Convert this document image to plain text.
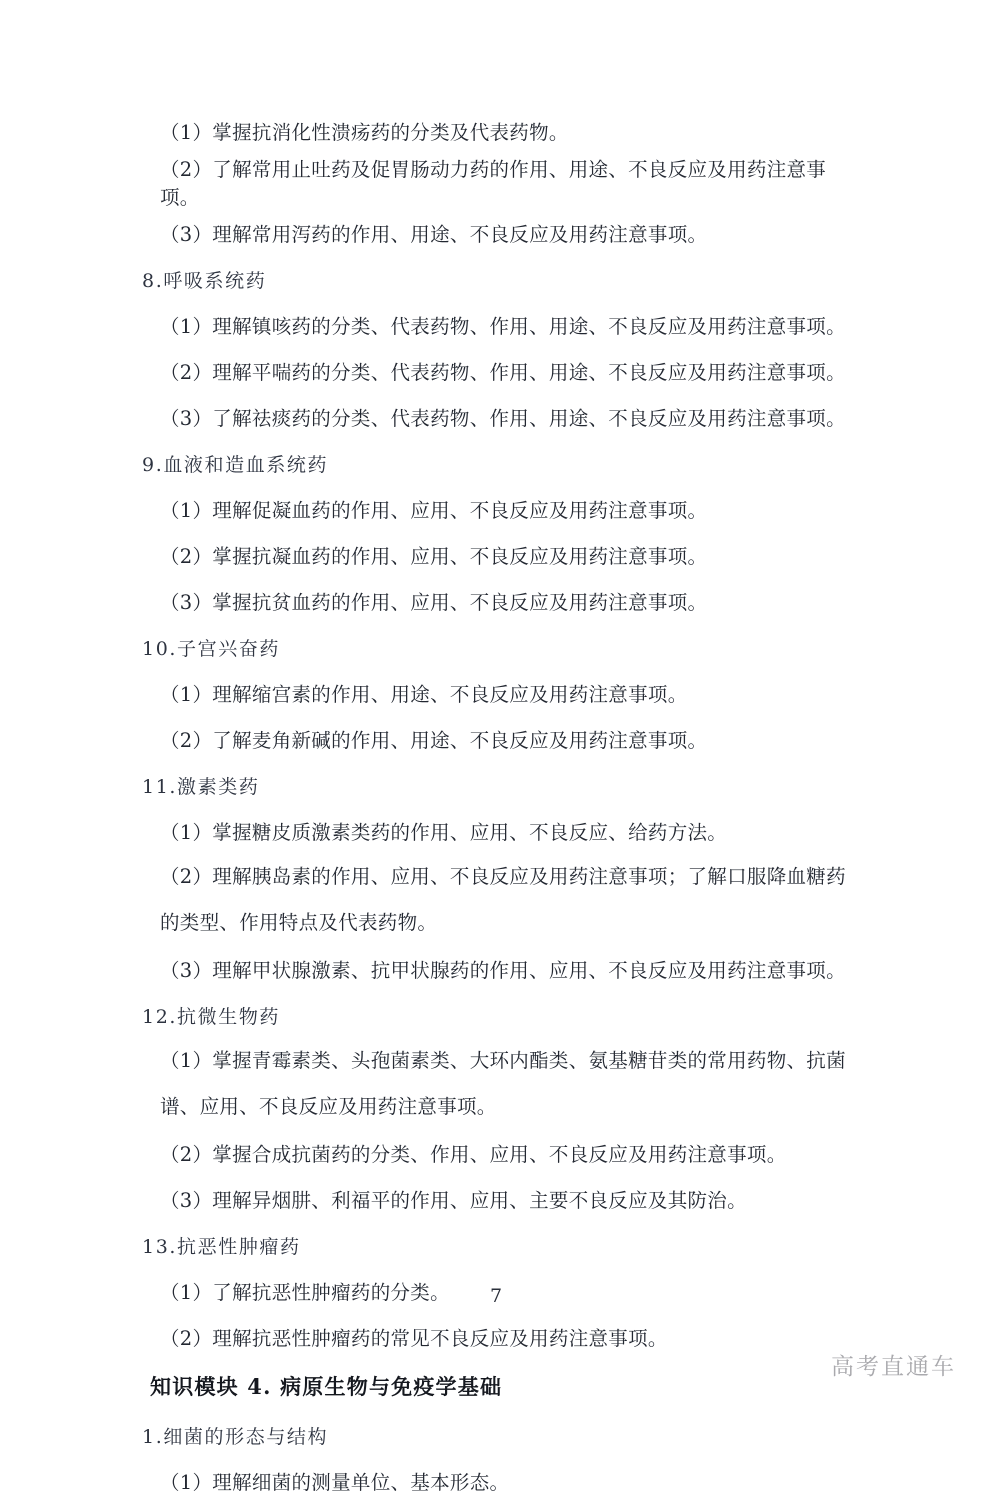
（1）掌握抗消化性溃疡药的分类及代表药物。
（2）了解常用止吐药及促胃肠动力药的作用、用途、不良反应及用药注意事项。
（3）理解常用泻药的作用、用途、不良反应及用药注意事项。
8.呼吸系统药
（1）理解镇咳药的分类、代表药物、作用、用途、不良反应及用药注意事项。
（2）理解平喘药的分类、代表药物、作用、用途、不良反应及用药注意事项。
（3）了解祛痰药的分类、代表药物、作用、用途、不良反应及用药注意事项。
9.血液和造血系统药
（1）理解促凝血药的作用、应用、不良反应及用药注意事项。
（2）掌握抗凝血药的作用、应用、不良反应及用药注意事项。
（3）掌握抗贫血药的作用、应用、不良反应及用药注意事项。
10.子宫兴奋药
（1）理解缩宫素的作用、用途、不良反应及用药注意事项。
（2）了解麦角新碱的作用、用途、不良反应及用药注意事项。
11.激素类药
（1）掌握糖皮质激素类药的作用、应用、不良反应、给药方法。
（2）理解胰岛素的作用、应用、不良反应及用药注意事项；了解口服降血糖药的类型、作用特点及代表药物。
（3）理解甲状腺激素、抗甲状腺药的作用、应用、不良反应及用药注意事项。
12.抗微生物药
（1）掌握青霉素类、头孢菌素类、大环内酯类、氨基糖苷类的常用药物、抗菌谱、应用、不良反应及用药注意事项。
（2）掌握合成抗菌药的分类、作用、应用、不良反应及用药注意事项。
（3）理解异烟肼、利福平的作用、应用、主要不良反应及其防治。
13.抗恶性肿瘤药
（1）了解抗恶性肿瘤药的分类。
（2）理解抗恶性肿瘤药的常见不良反应及用药注意事项。
知识模块 4. 病原生物与免疫学基础
1.细菌的形态与结构
（1）理解细菌的测量单位、基本形态。
7
高考直通车
